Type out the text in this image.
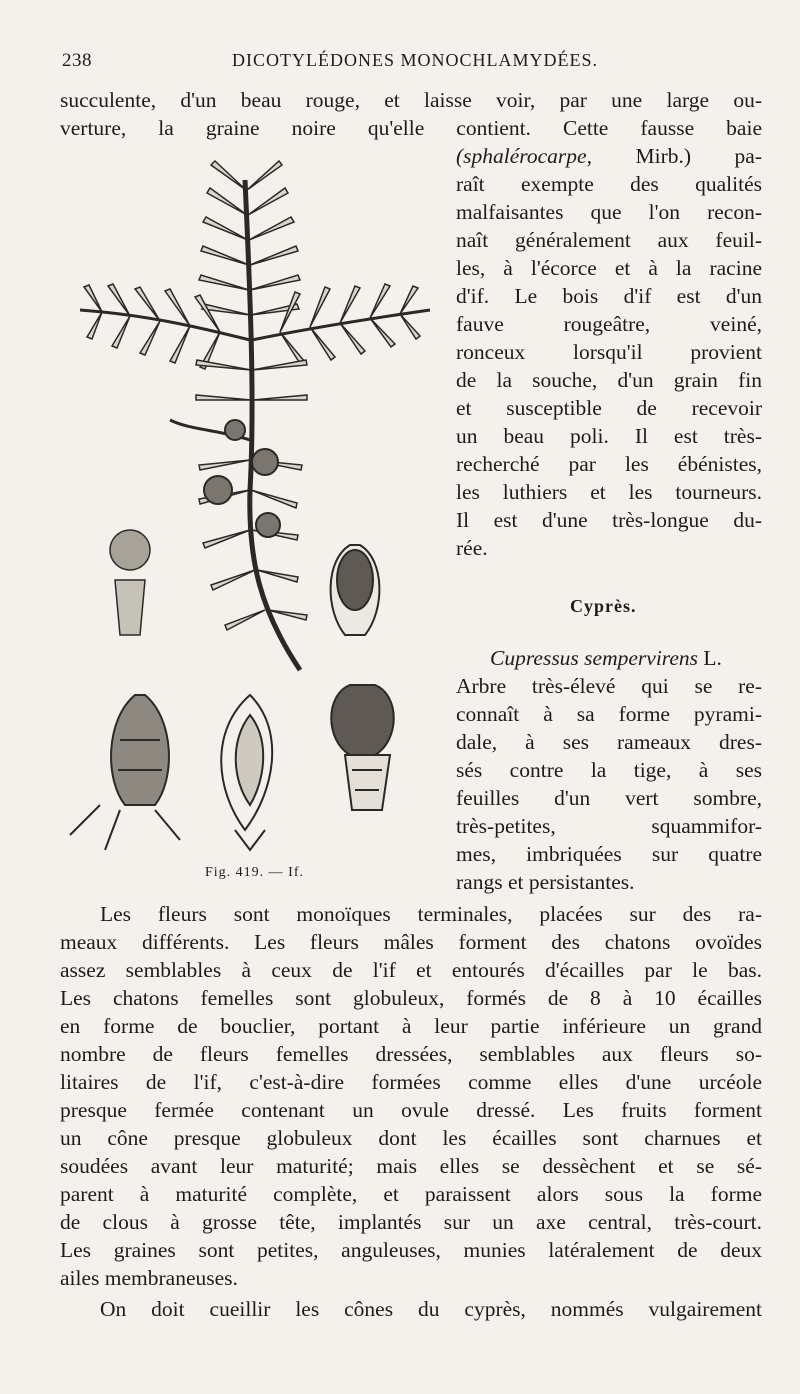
238	DICOTYLÉDONES MONOCHLAMYDÉES.
succulente, d'un beau rouge, et laisse voir, par une large ou-
verture, la graine noire qu'elle contient. Cette fausse baie
(sphalérocarpe, Mirb.) pa-
raît exempte des qualités
malfaisantes que l'on recon-
naît généralement aux feuil-
les, à l'écorce et à la racine
d'if. Le bois d'if est d'un
fauve rougeâtre, veiné,
ronceux lorsqu'il provient
de la souche, d'un grain fin
et susceptible de recevoir
un beau poli. Il est très-
recherché par les ébénistes,
les luthiers et les tourneurs.
Il est d'une très-longue du-
rée.
Cyprès.
Cupressus sempervirens L.
Arbre très-élevé qui se re-
connaît à sa forme pyrami-
dale, à ses rameaux dres-
sés contre la tige, à ses
feuilles d'un vert sombre,
très-petites, squammifor-
mes, imbriquées sur quatre
rangs et persistantes.
Fig. 419. — If.
Les fleurs sont monoïques terminales, placées sur des ra-
meaux différents. Les fleurs mâles forment des chatons ovoïdes
assez semblables à ceux de l'if et entourés d'écailles par le bas.
Les chatons femelles sont globuleux, formés de 8 à 10 écailles
en forme de bouclier, portant à leur partie inférieure un grand
nombre de fleurs femelles dressées, semblables aux fleurs so-
litaires de l'if, c'est-à-dire formées comme elles d'une urcéole
presque fermée contenant un ovule dressé. Les fruits forment
un cône presque globuleux dont les écailles sont charnues et
soudées avant leur maturité; mais elles se dessèchent et se sé-
parent à maturité complète, et paraissent alors sous la forme
de clous à grosse tête, implantés sur un axe central, très-court.
Les graines sont petites, anguleuses, munies latéralement de deux
ailes membraneuses.
On doit cueillir les cônes du cyprès, nommés vulgairement
